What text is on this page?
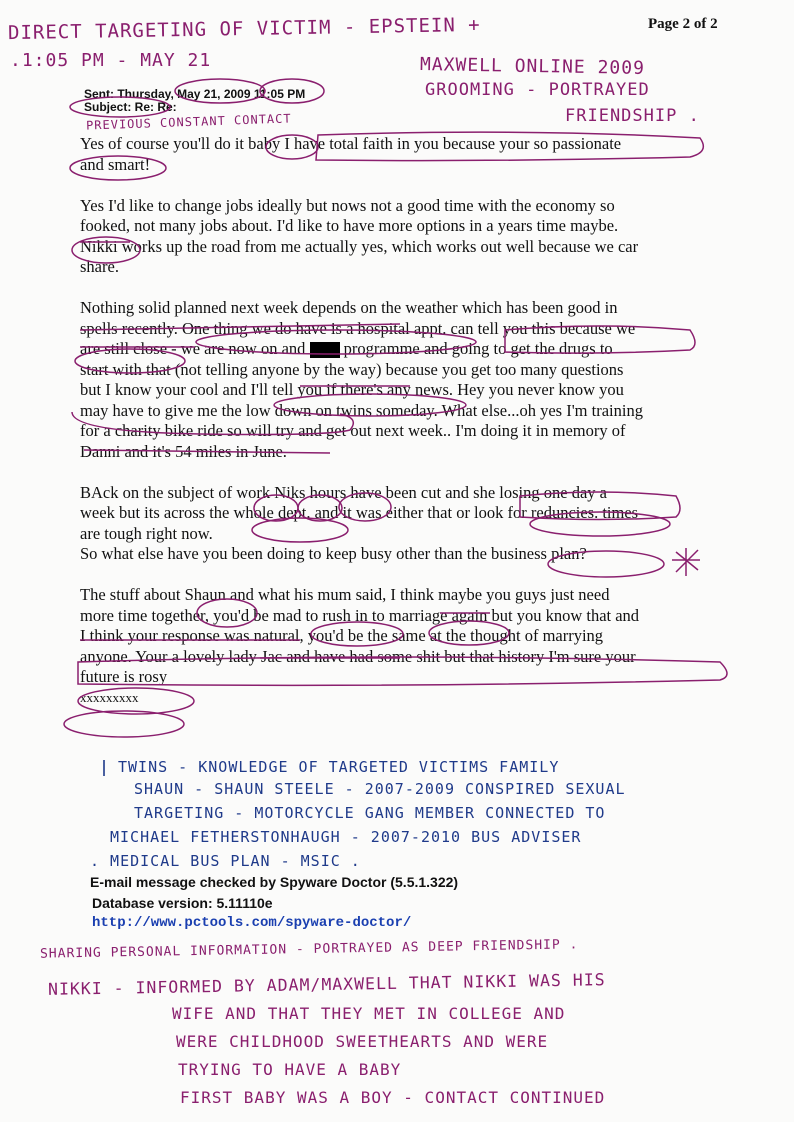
Page 2 of 2
DIRECT TARGETING OF VICTIM - EPSTEIN +
.1:05 PM - MAY 21	MAXWELL ONLINE 2009
GROOMING - PORTRAYED
FRIENDSHIP .
PREVIOUS CONSTANT CONTACT
Sent: Thursday, May 21, 2009 11:05 PM
Subject: Re: Re:
Yes of course you'll do it baby I have total faith in you because your so passionate
and smart!
Yes I'd like to change jobs ideally but nows not a good time with the economy so
fooked, not many jobs about. I'd like to have more options in a years time maybe.
Nikki works up the road from me actually yes, which works out well because we car
share.
Nothing solid planned next week depends on the weather which has been good in
spells recently. One thing we do have is a hospital appt. can tell you this because we
are still close - we are now on and  programme and going to get the drugs to
start with that (not telling anyone by the way) because you get too many questions
but I know your cool and I'll tell you if there's any news. Hey you never know you
may have to give me the low down on twins someday. What else...oh yes I'm training
for a charity bike ride so will try and get out next week.. I'm doing it in memory of
Danni and it's 54 miles in June.
BAck on the subject of work Niks hours have been cut and she losing one day a
week but its across the whole dept. and it was either that or look for reduncies. times
are tough right now.
So what else have you been doing to keep busy other than the business plan?
The stuff about Shaun and what his mum said, I think maybe you guys just need
more time together, you'd be mad to rush in to marriage again but you know that and
I think your response was natural, you'd be the same at the thought of marrying
anyone. Your a lovely lady Jac and have had some shit but that history I'm sure your
future is rosy
xxxxxxxxx
TWINS - KNOWLEDGE OF TARGETED VICTIMS FAMILY
SHAUN - SHAUN STEELE - 2007-2009 CONSPIRED SEXUAL
TARGETING - MOTORCYCLE GANG MEMBER CONNECTED TO
MICHAEL FETHERSTONHAUGH - 2007-2010 BUS ADVISER
. MEDICAL BUS PLAN - MSIC .
E-mail message checked by Spyware Doctor (5.5.1.322)
Database version: 5.11110e
http://www.pctools.com/spyware-doctor/
SHARING PERSONAL INFORMATION - PORTRAYED AS DEEP FRIENDSHIP .
NIKKI - INFORMED BY ADAM/MAXWELL THAT NIKKI WAS HIS
WIFE AND THAT THEY MET IN COLLEGE AND
WERE CHILDHOOD SWEETHEARTS AND WERE
TRYING TO HAVE A BABY
FIRST BABY WAS A BOY - CONTACT CONTINUED
